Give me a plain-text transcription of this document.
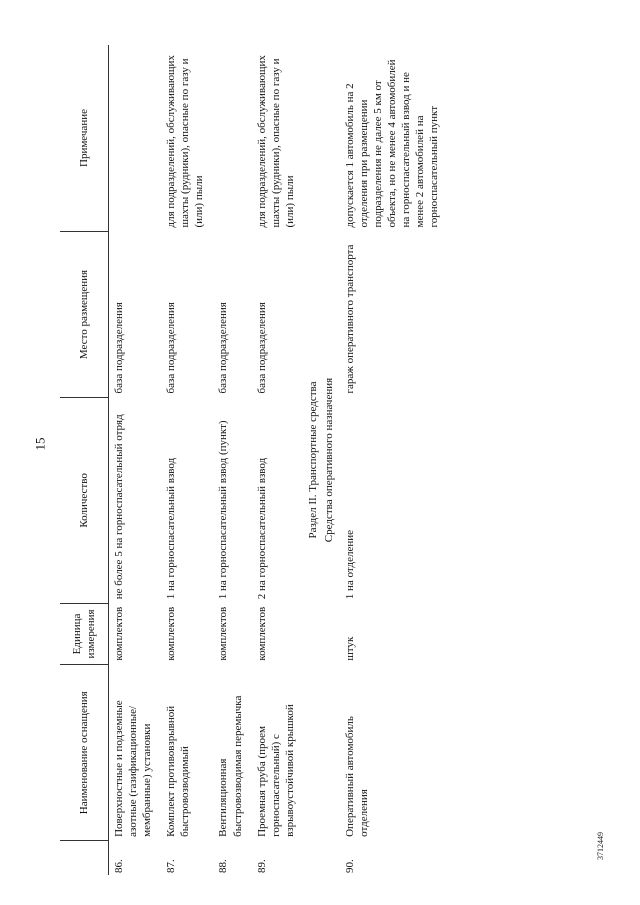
15
3712449
	Наименование оснащения	Единица измерения	Количество	Место размещения	Примечание
86.	Поверхностные и подземные азотные (газификационные/ мембранные) установки	комплектов	не более 5 на горноспасательный отряд	база подразделения	
87.	Комплект противовзрывной быстровозводимый	комплектов	1 на горноспасательный взвод	база подразделения	для подразделений, обслуживающих шахты (рудники), опасные по газу и (или) пыли
88.	Вентиляционная быстровозводимая перемычка	комплектов	1 на горноспасательный взвод (пункт)	база подразделения	
89.	Проемная труба (проем горноспасательный) с взрывоустойчивой крышкой	комплектов	2 на горноспасательный взвод	база подразделения	для подразделений, обслуживающих шахты (рудники), опасные по газу и (или) пыли
Раздел II. Транспортные средства					
Средства оперативного назначения					
90.	Оперативный автомобиль отделения	штук	1 на отделение	гараж оперативного транспорта	допускается 1 автомобиль на 2 отделения при размещении подразделения не далее 5 км от объекта, но не менее 4 автомобилей на горноспасательный взвод и не менее 2 автомобилей на горноспасательный пункт
